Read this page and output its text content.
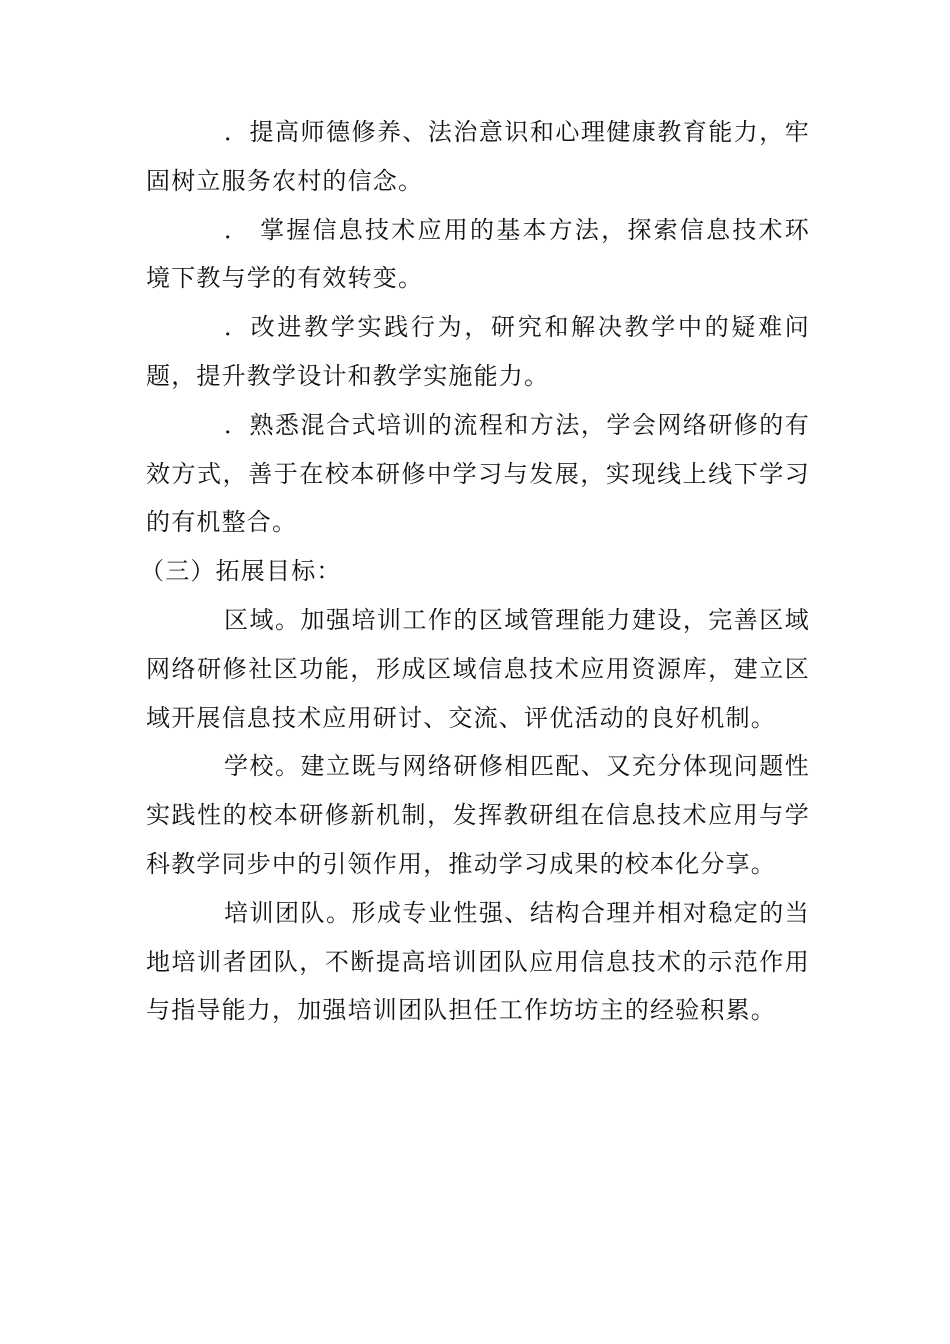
．提高师德修养、法治意识和心理健康教育能力，牢固树立服务农村的信念。

． 掌握信息技术应用的基本方法，探索信息技术环境下教与学的有效转变。

．改进教学实践行为，研究和解决教学中的疑难问题，提升教学设计和教学实施能力。

．熟悉混合式培训的流程和方法，学会网络研修的有效方式，善于在校本研修中学习与发展，实现线上线下学习的有机整合。

（三）拓展目标：

区域。加强培训工作的区域管理能力建设，完善区域网络研修社区功能，形成区域信息技术应用资源库，建立区域开展信息技术应用研讨、交流、评优活动的良好机制。

学校。建立既与网络研修相匹配、又充分体现问题性实践性的校本研修新机制，发挥教研组在信息技术应用与学科教学同步中的引领作用，推动学习成果的校本化分享。

培训团队。形成专业性强、结构合理并相对稳定的当地培训者团队，不断提高培训团队应用信息技术的示范作用与指导能力，加强培训团队担任工作坊坊主的经验积累。
